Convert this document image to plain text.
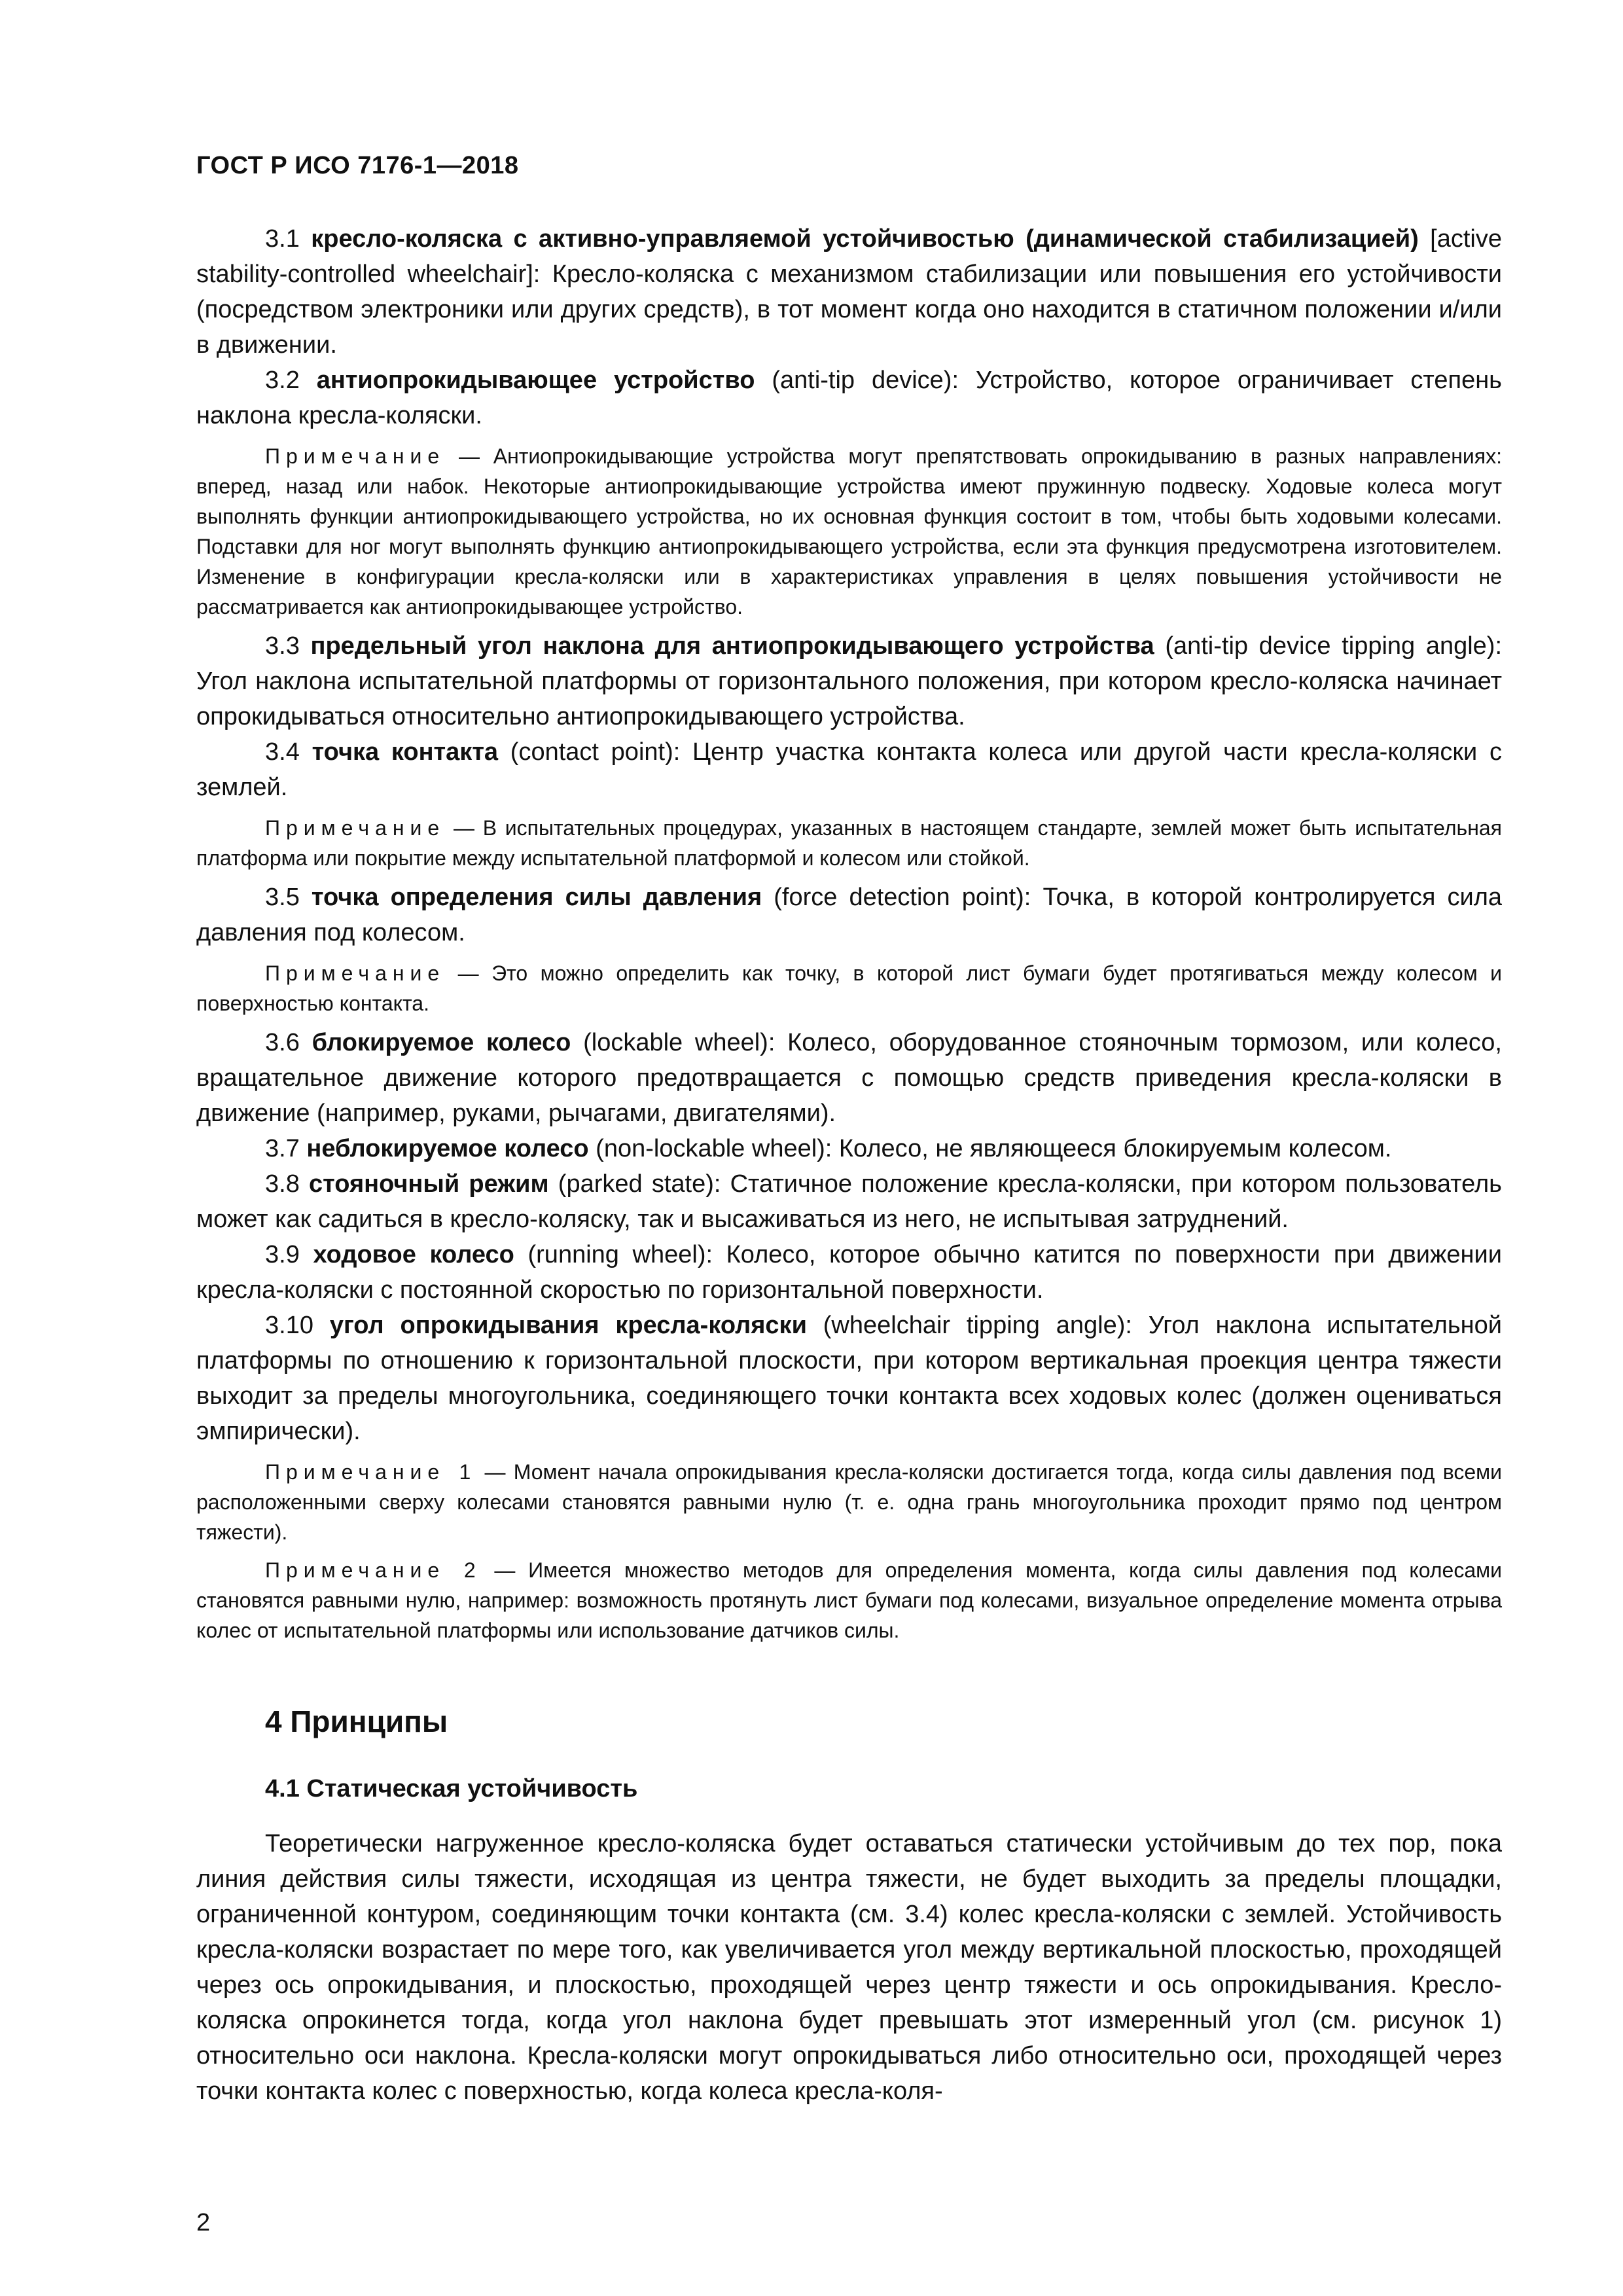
ГОСТ Р ИСО 7176-1—2018

3.1 кресло-коляска с активно-управляемой устойчивостью (динамической стабилизацией) [active stability-controlled wheelchair]: Кресло-коляска с механизмом стабилизации или повышения его устойчивости (посредством электроники или других средств), в тот момент когда оно находится в статичном положении и/или в движении.

3.2 антиопрокидывающее устройство (anti-tip device): Устройство, которое ограничивает степень наклона кресла-коляски.

Примечание — Антиопрокидывающие устройства могут препятствовать опрокидыванию в разных направлениях: вперед, назад или набок. Некоторые антиопрокидывающие устройства имеют пружинную подвеску. Ходовые колеса могут выполнять функции антиопрокидывающего устройства, но их основная функция состоит в том, чтобы быть ходовыми колесами. Подставки для ног могут выполнять функцию антиопрокидывающего устройства, если эта функция предусмотрена изготовителем. Изменение в конфигурации кресла-коляски или в характеристиках управления в целях повышения устойчивости не рассматривается как антиопрокидывающее устройство.

3.3 предельный угол наклона для антиопрокидывающего устройства (anti-tip device tipping angle): Угол наклона испытательной платформы от горизонтального положения, при котором кресло-коляска начинает опрокидываться относительно антиопрокидывающего устройства.

3.4 точка контакта (contact point): Центр участка контакта колеса или другой части кресла-коляски с землей.

Примечание — В испытательных процедурах, указанных в настоящем стандарте, землей может быть испытательная платформа или покрытие между испытательной платформой и колесом или стойкой.

3.5 точка определения силы давления (force detection point): Точка, в которой контролируется сила давления под колесом.

Примечание — Это можно определить как точку, в которой лист бумаги будет протягиваться между колесом и поверхностью контакта.

3.6 блокируемое колесо (lockable wheel): Колесо, оборудованное стояночным тормозом, или колесо, вращательное движение которого предотвращается с помощью средств приведения кресла-коляски в движение (например, руками, рычагами, двигателями).

3.7 неблокируемое колесо (non-lockable wheel): Колесо, не являющееся блокируемым колесом.

3.8 стояночный режим (parked state): Статичное положение кресла-коляски, при котором пользователь может как садиться в кресло-коляску, так и высаживаться из него, не испытывая затруднений.

3.9 ходовое колесо (running wheel): Колесо, которое обычно катится по поверхности при движении кресла-коляски с постоянной скоростью по горизонтальной поверхности.

3.10 угол опрокидывания кресла-коляски (wheelchair tipping angle): Угол наклона испытательной платформы по отношению к горизонтальной плоскости, при котором вертикальная проекция центра тяжести выходит за пределы многоугольника, соединяющего точки контакта всех ходовых колес (должен оцениваться эмпирически).

Примечание 1 — Момент начала опрокидывания кресла-коляски достигается тогда, когда силы давления под всеми расположенными сверху колесами становятся равными нулю (т. е. одна грань многоугольника проходит прямо под центром тяжести).

Примечание 2 — Имеется множество методов для определения момента, когда силы давления под колесами становятся равными нулю, например: возможность протянуть лист бумаги под колесами, визуальное определение момента отрыва колес от испытательной платформы или использование датчиков силы.

4 Принципы
4.1 Статическая устойчивость

Теоретически нагруженное кресло-коляска будет оставаться статически устойчивым до тех пор, пока линия действия силы тяжести, исходящая из центра тяжести, не будет выходить за пределы площадки, ограниченной контуром, соединяющим точки контакта (см. 3.4) колес кресла-коляски с землей. Устойчивость кресла-коляски возрастает по мере того, как увеличивается угол между вертикальной плоскостью, проходящей через ось опрокидывания, и плоскостью, проходящей через центр тяжести и ось опрокидывания. Кресло-коляска опрокинется тогда, когда угол наклона будет превышать этот измеренный угол (см. рисунок 1) относительно оси наклона. Кресла-коляски могут опрокидываться либо относительно оси, проходящей через точки контакта колес с поверхностью, когда колеса кресла-коля-

2
